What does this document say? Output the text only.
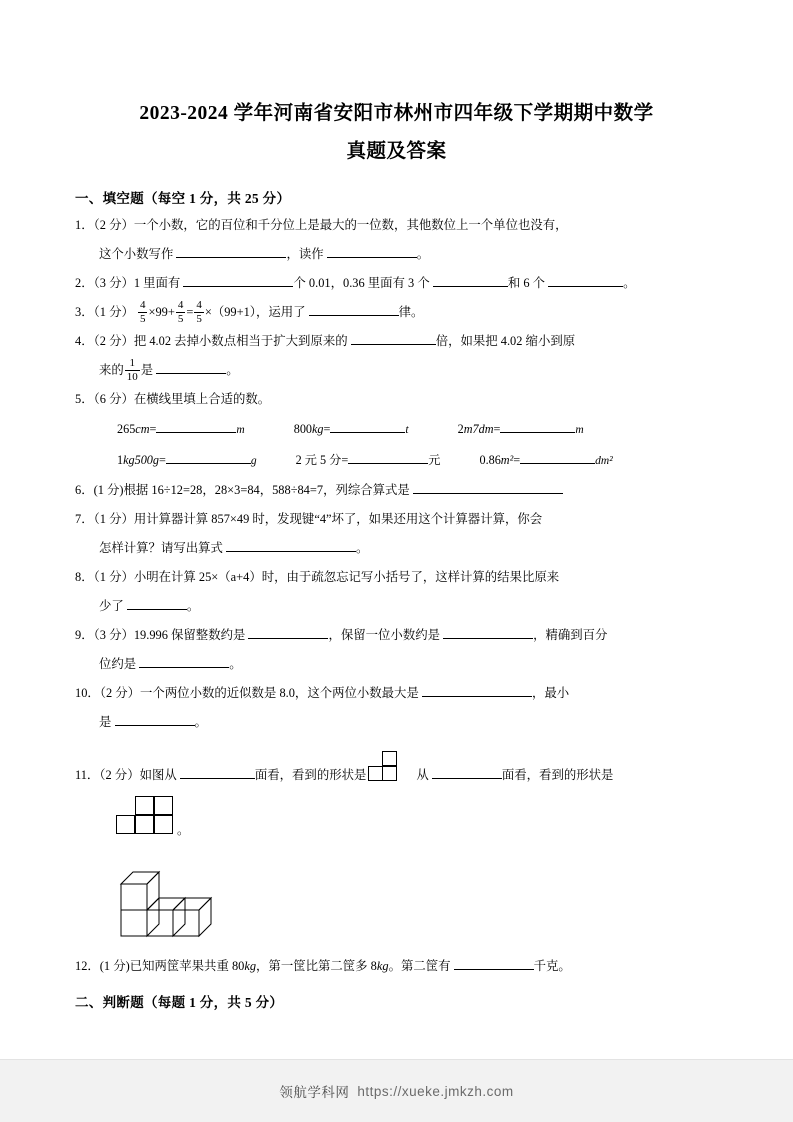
2023-2024 学年河南省安阳市林州市四年级下学期期中数学
真题及答案
一、填空题（每空 1 分，共 25 分）

1．（2 分）一个小数，它的百位和千分位上是最大的一位数，其他数位上一个单位也没有，

这个小数写作	，读作	。

2．（3 分）1 里面有	个 0.01，0.36 里面有 3 个	和 6 个	。

3．（1 分） $\frac{4}{5} \times 99+ \frac{4}{5} = \frac{4}{5} \times(99+1)$，运用了	律。

4．（2 分）把 4.02 去掉小数点相当于扩大到原来的	倍，如果把 4.02 缩小到原

来的 $\frac{1}{10}$ 是	。

5．（6 分）在横线里填上合适的数。

265cm=	m	800kg=	t	2m7dm=	m
1kg500g=	g	2 元 5 分=	元	0.86m²=	dm²

6．(1 分)根据 16÷12=28，28×3=84，588÷84=7，列综合算式是

7．（1 分）用计算器计算 857×49 时，发现键“4”坏了，如果还用这个计算器计算，你会

怎样计算？请写出算式	。

8．（1 分）小明在计算 25×（a+4）时，由于疏忽忘记写小括号了，这样计算的结果比原来

少了	。

9．（3 分）19.996 保留整数约是	，保留一位小数约是	，精确到百分

位约是	。

10．（2 分）一个两位小数的近似数是 8.0，这个两位小数最大是	，最小

是	。

11．（2 分）如图从	面看，看到的形状是	从	面看，看到的形状是

。

12．(1 分)已知两筐苹果共重 80kg，第一筐比第二筐多 8kg。第二筐有	千克。

二、判断题（每题 1 分，共 5 分）
领航学科网 https://xueke.jmkzh.com
